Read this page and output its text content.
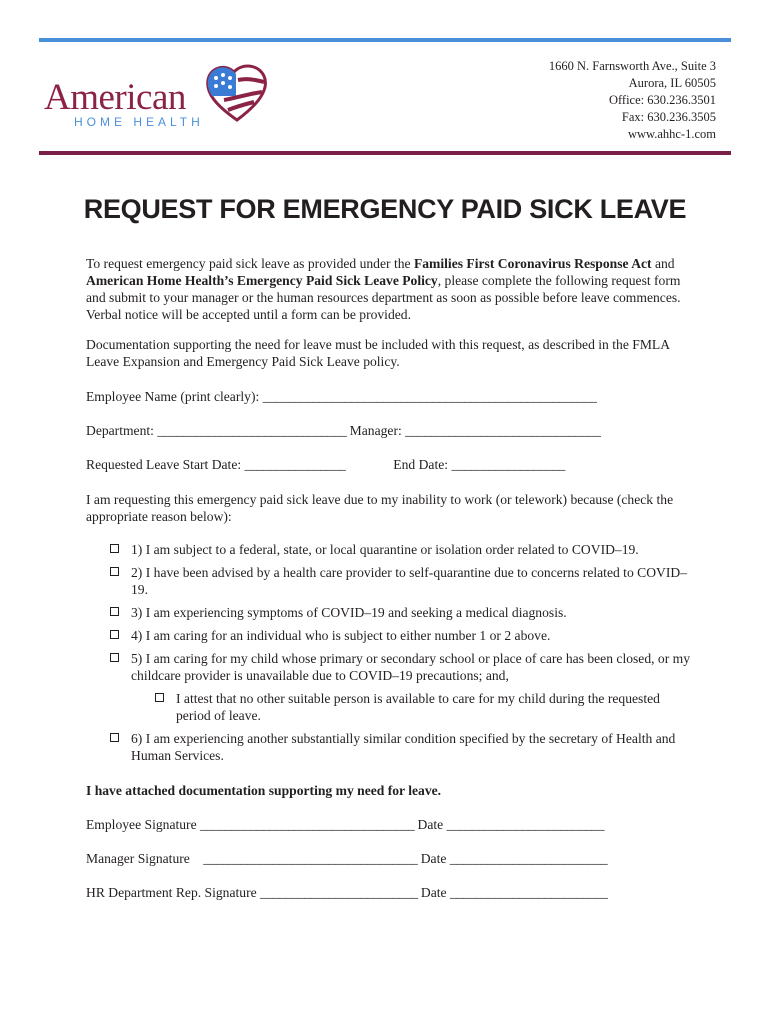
American
HOME HEALTH
1660 N. Farnsworth Ave., Suite 3
Aurora, IL 60505
Office: 630.236.3501
Fax: 630.236.3505
www.ahhc-1.com
REQUEST FOR EMERGENCY PAID SICK LEAVE

To request emergency paid sick leave as provided under the Families First Coronavirus Response Act and American Home Health’s Emergency Paid Sick Leave Policy, please complete the following request form and submit to your manager or the human resources department as soon as possible before leave commences. Verbal notice will be accepted until a form can be provided.

Documentation supporting the need for leave must be included with this request, as described in the FMLA Leave Expansion and Emergency Paid Sick Leave policy.

Employee Name (print clearly): _____________________________________________________

Department: ______________________________ Manager: _______________________________

Requested Leave Start Date: ________________	End Date: __________________

I am requesting this emergency paid sick leave due to my inability to work (or telework) because (check the appropriate reason below):

1) I am subject to a federal, state, or local quarantine or isolation order related to COVID–19.
2) I have been advised by a health care provider to self-quarantine due to concerns related to COVID–19.
3) I am experiencing symptoms of COVID–19 and seeking a medical diagnosis.
4) I am caring for an individual who is subject to either number 1 or 2 above.
5) I am caring for my child whose primary or secondary school or place of care has been closed, or my childcare provider is unavailable due to COVID–19 precautions; and,
I attest that no other suitable person is available to care for my child during the requested period of leave.
6) I am experiencing another substantially similar condition specified by the secretary of Health and Human Services.

I have attached documentation supporting my need for leave.

Employee Signature __________________________________ Date _________________________

Manager Signature __________________________________ Date _________________________

HR Department Rep. Signature _________________________ Date _________________________
